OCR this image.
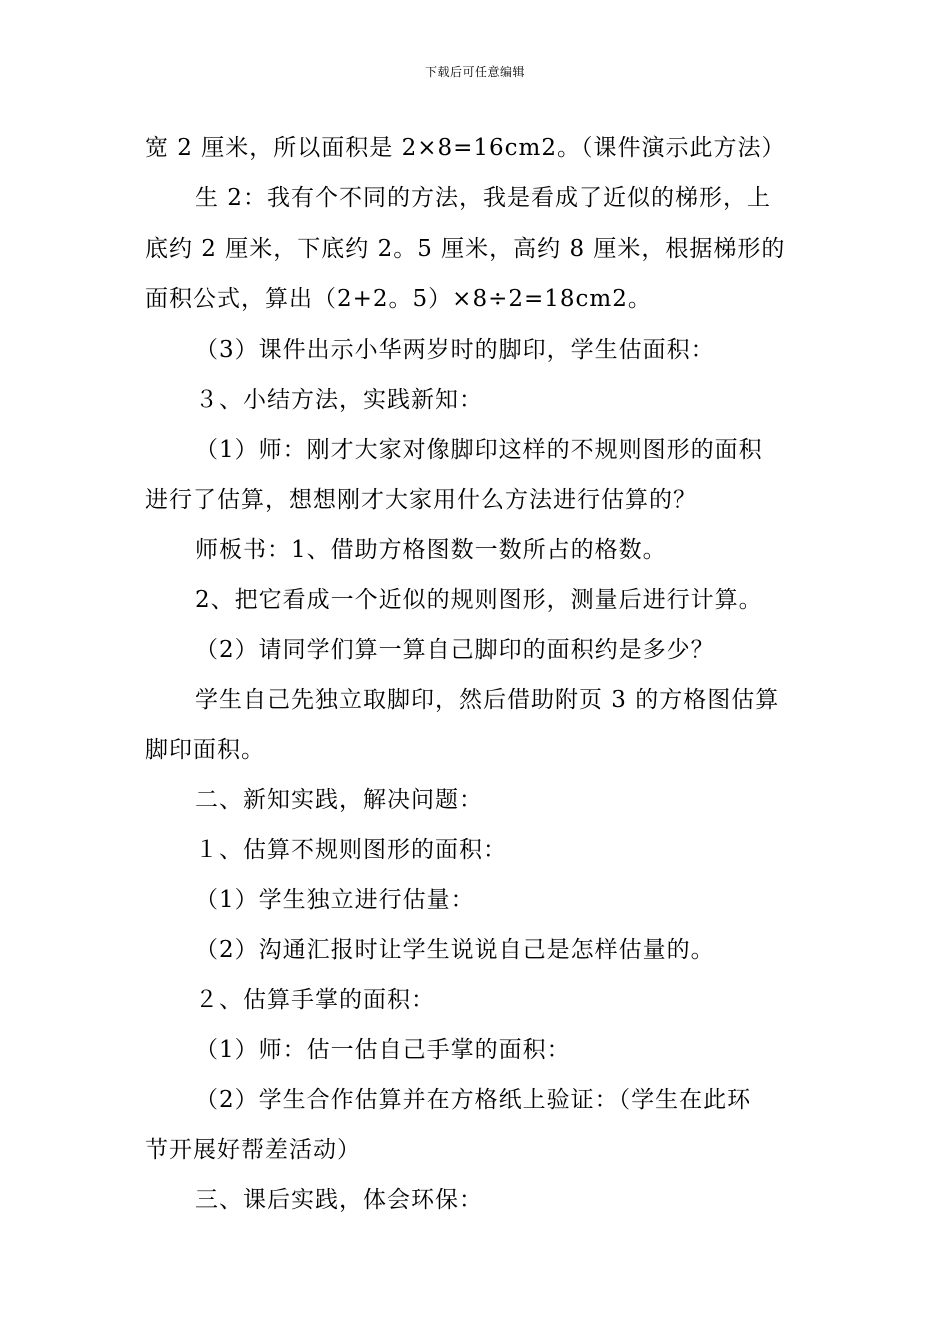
下载后可任意编辑
宽 2 厘米，所以面积是 2×8=16cm2。（课件演示此方法）
生 2：我有个不同的方法，我是看成了近似的梯形，上
底约 2 厘米，下底约 2。5 厘米，高约 8 厘米，根据梯形的
面积公式，算出（2+2。5）×8÷2=18cm2。
（3）课件出示小华两岁时的脚印，学生估面积：
３、小结方法，实践新知：
（1）师：刚才大家对像脚印这样的不规则图形的面积
进行了估算，想想刚才大家用什么方法进行估算的？
师板书：1、借助方格图数一数所占的格数。
2、把它看成一个近似的规则图形，测量后进行计算。
（2）请同学们算一算自己脚印的面积约是多少？
学生自己先独立取脚印，然后借助附页 3 的方格图估算
脚印面积。
二、新知实践，解决问题：
１、估算不规则图形的面积：
（1）学生独立进行估量：
（2）沟通汇报时让学生说说自己是怎样估量的。
２、估算手掌的面积：
（1）师：估一估自己手掌的面积：
（2）学生合作估算并在方格纸上验证：（学生在此环
节开展好帮差活动）
三、课后实践，体会环保：
